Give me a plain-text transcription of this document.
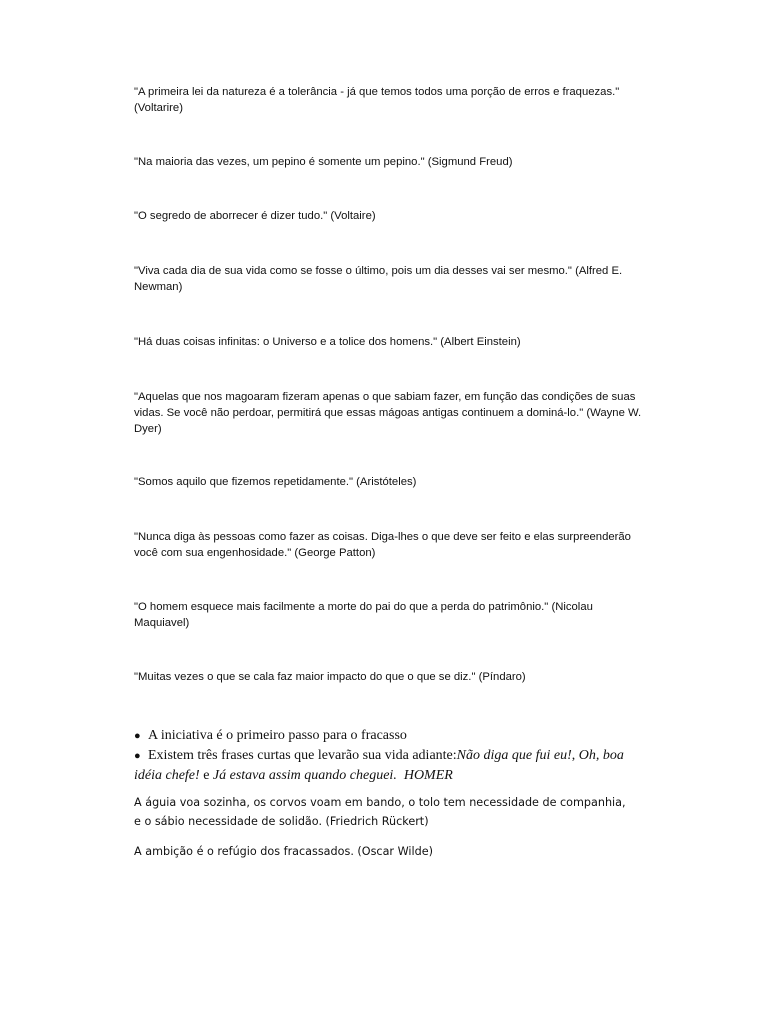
"A primeira lei da natureza é a tolerância - já que temos todos uma porção de erros e fraquezas." (Voltarire)

"Na maioria das vezes, um pepino é somente um pepino." (Sigmund Freud)

"O segredo de aborrecer é dizer tudo." (Voltaire)

"Viva cada dia de sua vida como se fosse o último, pois um dia desses vai ser mesmo." (Alfred E. Newman)

"Há duas coisas infinitas: o Universo e a tolice dos homens." (Albert Einstein)

"Aquelas que nos magoaram fizeram apenas o que sabiam fazer, em função das condições de suas vidas. Se você não perdoar, permitirá que essas mágoas antigas continuem a dominá-lo." (Wayne W. Dyer)

"Somos aquilo que fizemos repetidamente." (Aristóteles)

"Nunca diga às pessoas como fazer as coisas. Diga-lhes o que deve ser feito e elas surpreenderão você com sua engenhosidade." (George Patton)

"O homem esquece mais facilmente a morte do pai do que a perda do patrimônio." (Nicolau Maquiavel)

"Muitas vezes o que se cala faz maior impacto do que o que se diz." (Píndaro)

● A iniciativa é o primeiro passo para o fracasso

● Existem três frases curtas que levarão sua vida adiante:Não diga que fui eu!, Oh, boa idéia chefe! e Já estava assim quando cheguei.  HOMER

A águia voa sozinha, os corvos voam em bando, o tolo tem necessidade de companhia, e o sábio necessidade de solidão. (Friedrich Rückert)

A ambição é o refúgio dos fracassados. (Oscar Wilde)
